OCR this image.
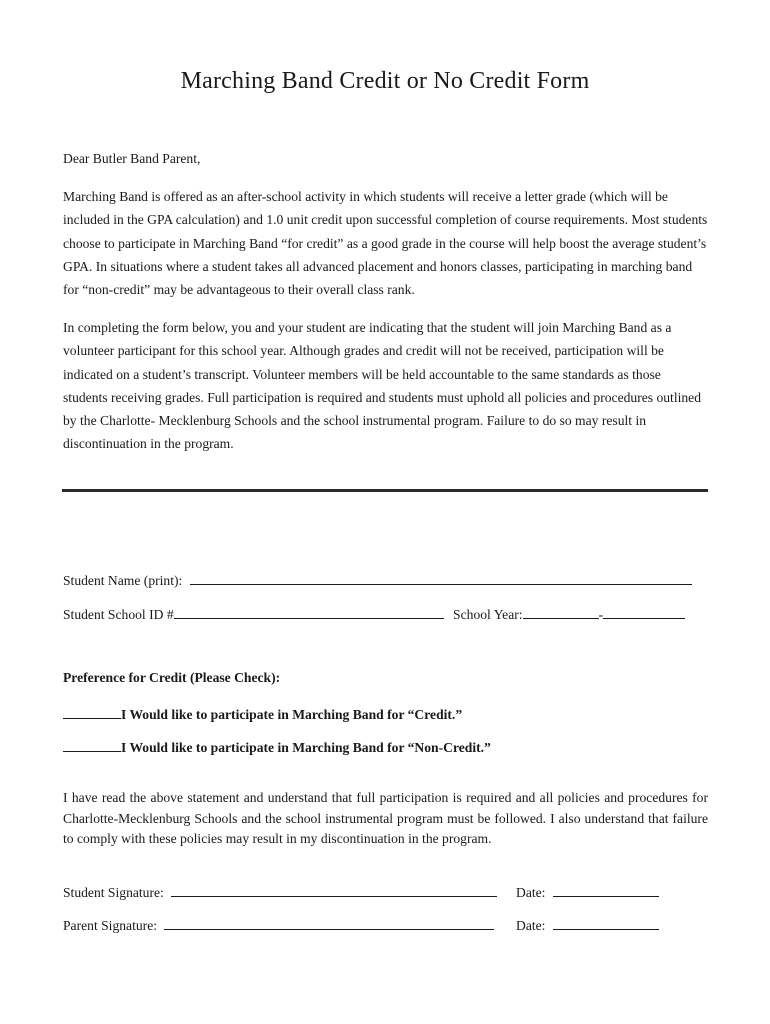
Marching Band Credit or No Credit Form

Dear Butler Band Parent,

Marching Band is offered as an after-school activity in which students will receive a letter grade (which will be included in the GPA calculation) and 1.0 unit credit upon successful completion of course requirements. Most students choose to participate in Marching Band “for credit” as a good grade in the course will help boost the average student’s GPA. In situations where a student takes all advanced placement and honors classes, participating in marching band for “non-credit” may be advantageous to their overall class rank.

In completing the form below, you and your student are indicating that the student will join Marching Band as a volunteer participant for this school year. Although grades and credit will not be received, participation will be indicated on a student’s transcript. Volunteer members will be held accountable to the same standards as those students receiving grades. Full participation is required and students must uphold all policies and procedures outlined by the Charlotte- Mecklenburg Schools and the school instrumental program. Failure to do so may result in discontinuation in the program.

Student Name (print):
Student School ID #	School Year:	-
Preference for Credit (Please Check):
I Would like to participate in Marching Band for “Credit.”
I Would like to participate in Marching Band for “Non-Credit.”

I have read the above statement and understand that full participation is required and all policies and procedures for Charlotte-Mecklenburg Schools and the school instrumental program must be followed. I also understand that failure to comply with these policies may result in my discontinuation in the program.

Student Signature:	Date:
Parent Signature:	Date:
